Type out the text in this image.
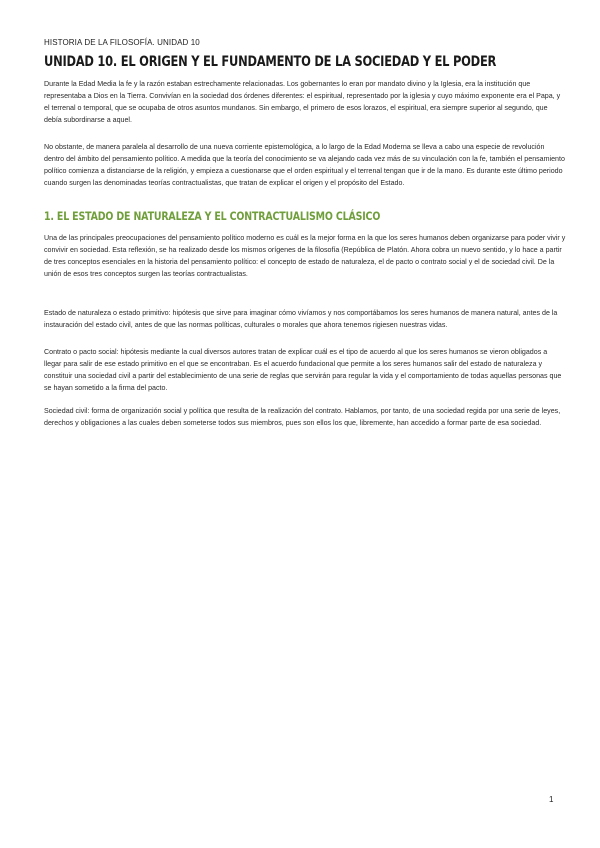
HISTORIA DE LA FILOSOFÍA. UNIDAD 10
UNIDAD 10. EL ORIGEN Y EL FUNDAMENTO DE LA SOCIEDAD Y EL PODER

Durante la Edad Media la fe y la razón estaban estrechamente relacionadas. Los gobernantes lo eran por mandato divino y la Iglesia, era la institución que representaba a Dios en la Tierra. Convivían en la sociedad dos órdenes diferentes: el espiritual, representado por la iglesia y cuyo máximo exponente era el Papa, y el terrenal o temporal, que se ocupaba de otros asuntos mundanos. Sin embargo, el primero de esos lorazos, el espiritual, era siempre superior al segundo, que debía subordinarse a aquel.

No obstante, de manera paralela al desarrollo de una nueva corriente epistemológica, a lo largo de la Edad Moderna se lleva a cabo una especie de revolución dentro del ámbito del pensamiento político. A medida que la teoría del conocimiento se va alejando cada vez más de su vinculación con la fe, también el pensamiento político comienza a distanciarse de la religión, y empieza a cuestionarse que el orden espiritual y el terrenal tengan que ir de la mano. Es durante este último periodo cuando surgen las denominadas teorías contractualistas, que tratan de explicar el origen y el propósito del Estado.

1. EL ESTADO DE NATURALEZA Y EL CONTRACTUALISMO CLÁSICO

Una de las principales preocupaciones del pensamiento político moderno es cuál es la mejor forma en la que los seres humanos deben organizarse para poder vivir y convivir en sociedad. Esta reflexión, se ha realizado desde los mismos orígenes de la filosofía (República de Platón. Ahora cobra un nuevo sentido, y lo hace a partir de tres conceptos esenciales en la historia del pensamiento político: el concepto de estado de naturaleza, el de pacto o contrato social y el de sociedad civil. De la unión de esos tres conceptos surgen las teorías contractualistas.

Estado de naturaleza o estado primitivo: hipótesis que sirve para imaginar cómo vivíamos y nos comportábamos los seres humanos de manera natural, antes de la instauración del estado civil, antes de que las normas políticas, culturales o morales que ahora tenemos rigiesen nuestras vidas.

Contrato o pacto social: hipótesis mediante la cual diversos autores tratan de explicar cuál es el tipo de acuerdo al que los seres humanos se vieron obligados a llegar para salir de ese estado primitivo en el que se encontraban. Es el acuerdo fundacional que permite a los seres humanos salir del estado de naturaleza y constituir una sociedad civil a partir del establecimiento de una serie de reglas que servirán para regular la vida y el comportamiento de todas aquellas personas que se hayan sometido a la firma del pacto.

Sociedad civil: forma de organización social y política que resulta de la realización del contrato. Hablamos, por tanto, de una sociedad regida por una serie de leyes, derechos y obligaciones a las cuales deben someterse todos sus miembros, pues son ellos los que, libremente, han accedido a formar parte de esa sociedad.

1
